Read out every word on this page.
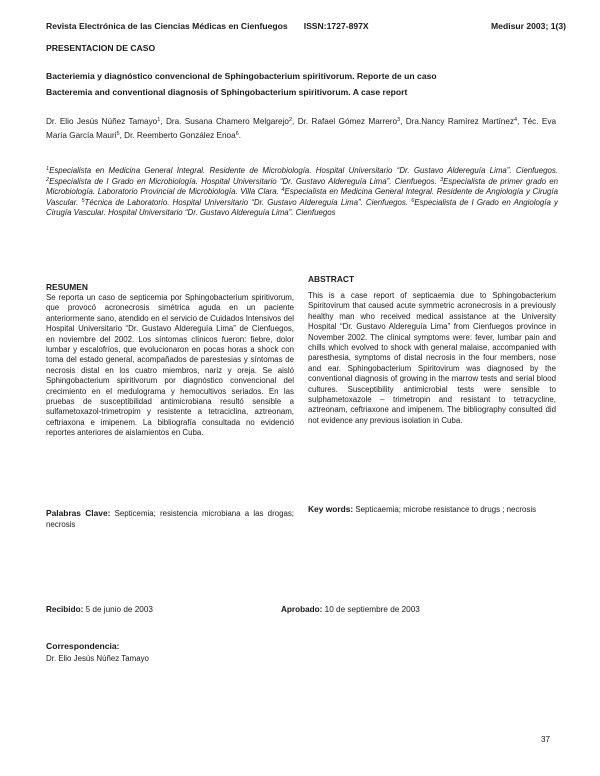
Revista Electrónica de las Ciencias Médicas en Cienfuegos ISSN:1727-897X	Medisur 2003; 1(3)
PRESENTACION DE CASO
Bacteriemia y diagnóstico convencional de Sphingobacterium spiritivorum. Reporte de un caso
Bacteremia and conventional diagnosis of Sphingobacterium spiritivorum. A case report
Dr. Elio Jesús Núñez Tamayo$^1$, Dra. Susana Chamero Melgarejo$^2$, Dr. Rafael Gómez Marrero$^3$, Dra.Nancy Ramírez Martínez$^4$, Téc. Eva María García Mauri$^5$, Dr. Reemberto González Enoa$^6$.
$^1$Especialista en Medicina General Integral. Residente de Microbiología. Hospital Universitario “Dr. Gustavo Aldereguía Lima”. Cienfuegos. $^2$Especialista de I Grado en Microbiología. Hospital Universitario “Dr. Gustavo Aldereguía Lima”. Cienfuegos. $^3$Especialista de primer grado en Microbiología. Laboratorio Provincial de Microbiología. Villa Clara. $^4$Especialista en Medicina General Integral. Residente de Angiología y Cirugía Vascular. $^5$Técnica de Laboratorio. Hospital Universitario “Dr. Gustavo Aldereguía Lima”. Cienfuegos. $^6$Especialista de I Grado en Angiología y Cirugía Vascular. Hospital Universitario “Dr. Gustavo Aldereguía Lima”. Cienfuegos
RESUMEN
Se reporta un caso de septicemia por Sphingobacterium spiritivorum, que provocó acronecrosis simétrica aguda en un paciente anteriormente sano, atendido en el servicio de Cuidados Intensivos del Hospital Universitario “Dr. Gustavo Aldereguía Lima” de Cienfuegos, en noviembre del 2002. Los síntomas clínicos fueron: fiebre, dolor lumbar y escalofríos, que evolucionaron en pocas horas a shock con toma del estado general, acompañados de parestesias y síntomas de necrosis distal en los cuatro miembros, nariz y oreja. Se aisló Sphingobacterium spiritivorum por diagnóstico convencional del crecimiento en el medulograma y hemocultivos seriados. En las pruebas de susceptibilidad antimicrobiana resultó sensible a sulfametoxazol-trimetropim y resistente a tetraciclina, aztreonam, ceftriaxona e imipenem. La bibliografía consultada no evidenció reportes anteriores de aislamientos en Cuba.
Palabras Clave: Septicemia; resistencia microbiana a las drogas; necrosis
ABSTRACT
This is a case report of septicaemia due to Sphingobacterium Spiritovirum that caused acute symmetric acronecrosis in a previously healthy man who received medical assistance at the University Hospital “Dr. Gustavo Aldereguía Lima” from Cienfuegos province in November 2002. The clinical symptoms were: fever, lumbar pain and chills which evolved to shock with general malaise, accompanied with paresthesia, symptoms of distal necrosis in the four members, nose and ear. Sphingobacterium Spiritovirum was diagnosed by the conventional diagnosis of growing in the marrow tests and serial blood cultures. Susceptibility antimicrobial tests were sensible to sulphametoxazole – trimetropin and resistant to tetracycline, aztreonam, ceftriaxone and imipenem. The bibliography consulted did not evidence any previous isolation in Cuba.
Key words: Septicaemia; microbe resistance to drugs ; necrosis
Recibido: 5 de junio de 2003	Aprobado: 10 de septiembre de 2003
Correspondencia:
Dr. Elio Jesús Núñez Tamayo
37
